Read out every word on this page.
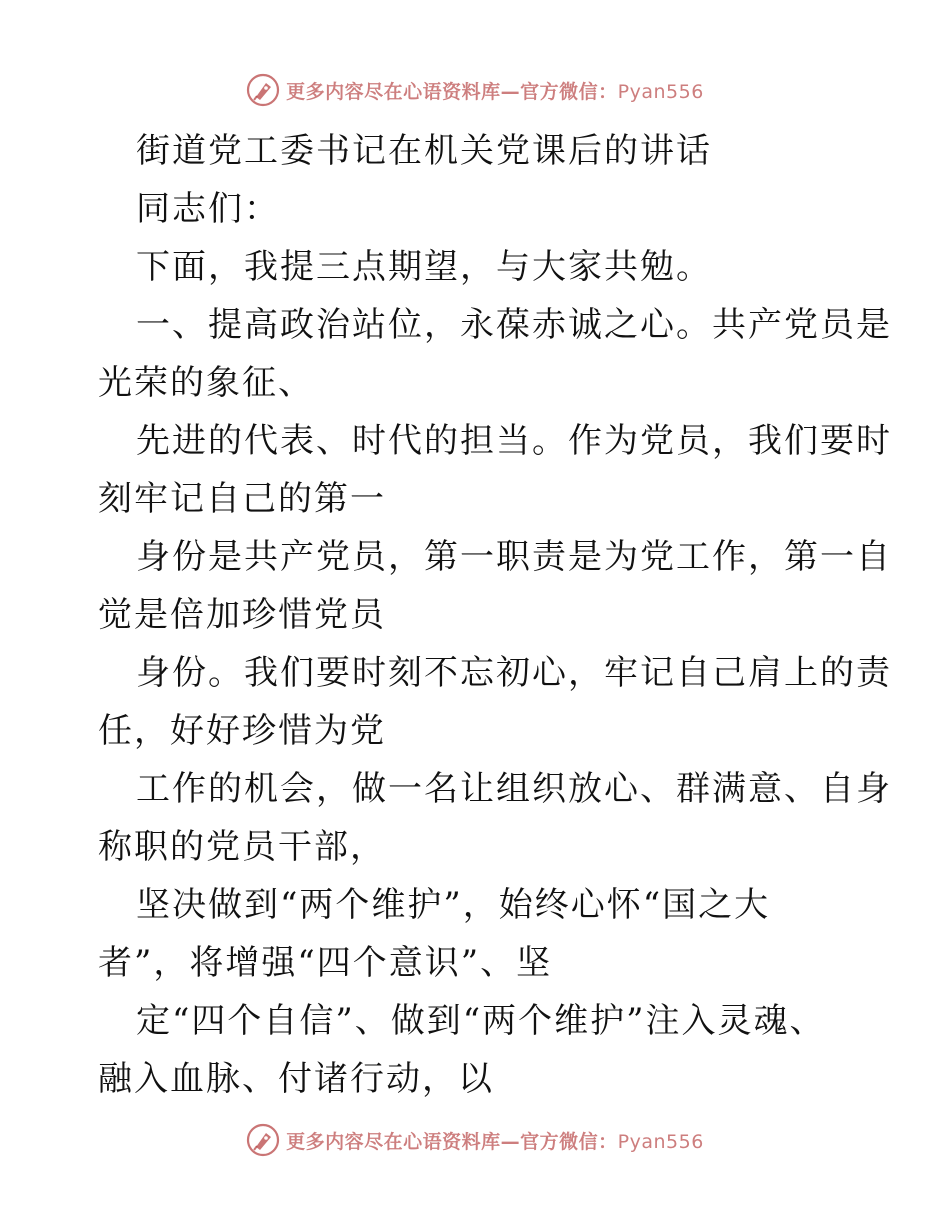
更多内容尽在心语资料库—官方微信：Pyan556
街道党工委书记在机关党课后的讲话
同志们：
下面，我提三点期望，与大家共勉。
一、提高政治站位，永葆赤诚之心。共产党员是
光荣的象征、
先进的代表、时代的担当。作为党员，我们要时
刻牢记自己的第一
身份是共产党员，第一职责是为党工作，第一自
觉是倍加珍惜党员
身份。我们要时刻不忘初心，牢记自己肩上的责
任，好好珍惜为党
工作的机会，做一名让组织放心、群满意、自身
称职的党员干部，
坚决做到“两个维护”，始终心怀“国之大
者”，将增强“四个意识”、坚
定“四个自信”、做到“两个维护”注入灵魂、
融入血脉、付诸行动，以
更多内容尽在心语资料库—官方微信：Pyan556
